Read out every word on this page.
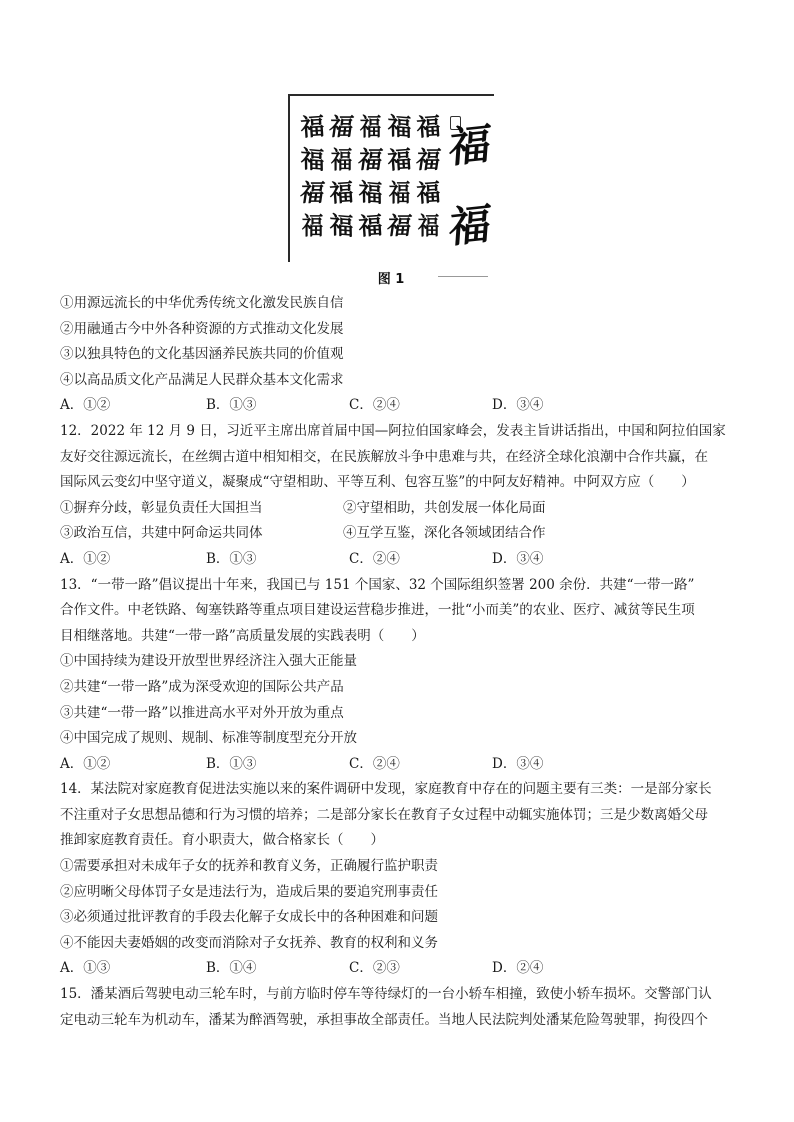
福 福 福 福 福
福 福 福 福 福
福 福 福 福 福
福 福 福 福 福
福
福
图 1
①用源远流长的中华优秀传统文化激发民族自信
②用融通古今中外各种资源的方式推动文化发展
③以独具特色的文化基因涵养民族共同的价值观
④以高品质文化产品满足人民群众基本文化需求
A．①②	B．①③	C．②④	D．③④
12．2022 年 12 月 9 日，习近平主席出席首届中国—阿拉伯国家峰会，发表主旨讲话指出，中国和阿拉伯国家
友好交往源远流长，在丝绸古道中相知相交，在民族解放斗争中患难与共，在经济全球化浪潮中合作共赢，在
国际风云变幻中坚守道义，凝聚成“守望相助、平等互利、包容互鉴”的中阿友好精神。中阿双方应（　　）
①摒弃分歧，彰显负责任大国担当	②守望相助，共创发展一体化局面
③政治互信，共建中阿命运共同体	④互学互鉴，深化各领域团结合作
A．①②	B．①③	C．②④	D．③④
13．“一带一路”倡议提出十年来，我国已与 151 个国家、32 个国际组织签署 200 余份．共建“一带一路”
合作文件。中老铁路、匈塞铁路等重点项目建设运营稳步推进，一批“小而美”的农业、医疗、减贫等民生项
目相继落地。共建“一带一路”高质量发展的实践表明（　　）
①中国持续为建设开放型世界经济注入强大正能量
②共建“一带一路”成为深受欢迎的国际公共产品
③共建“一带一路”以推进高水平对外开放为重点
④中国完成了规则、规制、标准等制度型充分开放
A．①②	B．①③	C．②④	D．③④
14．某法院对家庭教育促进法实施以来的案件调研中发现，家庭教育中存在的问题主要有三类：一是部分家长
不注重对子女思想品德和行为习惯的培养；二是部分家长在教育子女过程中动辄实施体罚；三是少数离婚父母
推卸家庭教育责任。育小职责大，做合格家长（　　）
①需要承担对未成年子女的抚养和教育义务，正确履行监护职责
②应明晰父母体罚子女是违法行为，造成后果的要追究刑事责任
③必须通过批评教育的手段去化解子女成长中的各种困难和问题
④不能因夫妻婚姻的改变而消除对子女抚养、教育的权利和义务
A．①③	B．①④	C．②③	D．②④
15．潘某酒后驾驶电动三轮车时，与前方临时停车等待绿灯的一台小轿车相撞，致使小轿车损坏。交警部门认
定电动三轮车为机动车，潘某为醉酒驾驶，承担事故全部责任。当地人民法院判处潘某危险驾驶罪，拘役四个
